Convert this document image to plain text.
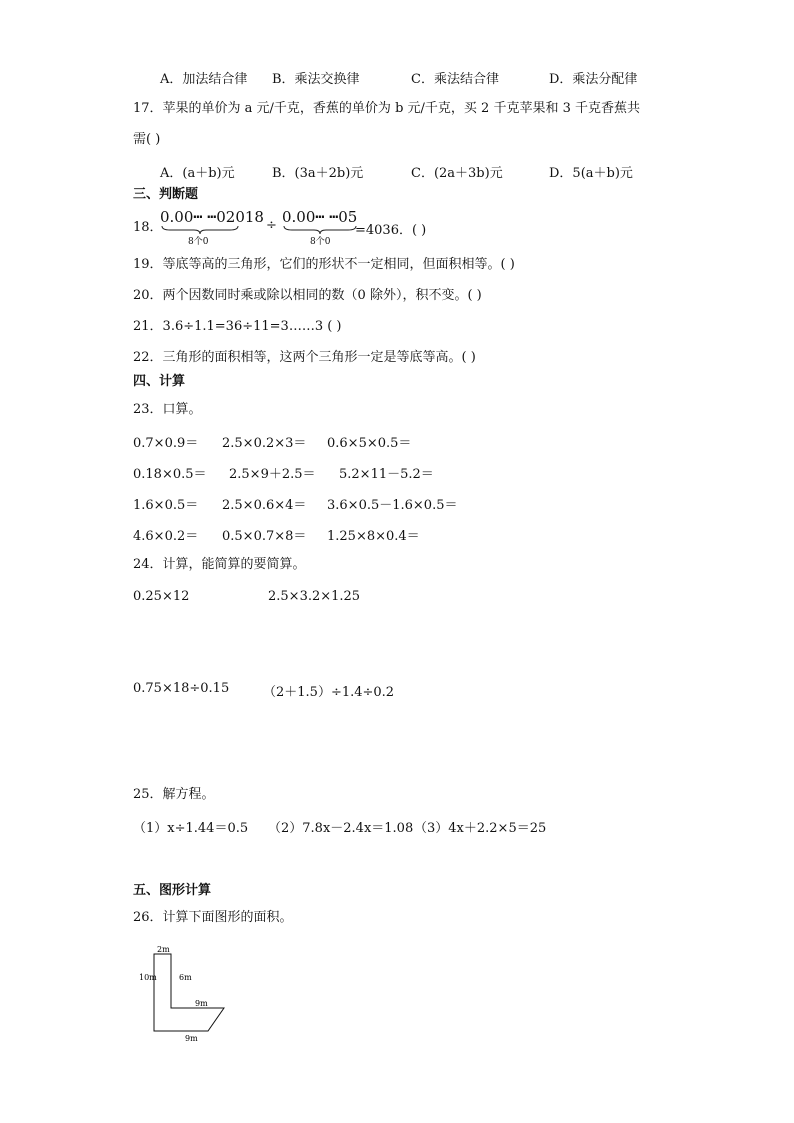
A．加法结合律 B．乘法交换律	C．乘法结合律	D．乘法分配律
17．苹果的单价为 a 元/千克，香蕉的单价为 b 元/千克，买 2 千克苹果和 3 千克香蕉共
需( )
A．(a＋b)元	B．(3a＋2b)元	C．(2a＋3b)元	D．5(a＋b)元
三、判断题
18．
0.00┅ ┅02018
8个0
÷ 0.00┅ ┅05
8个0
=4036．( )
19．等底等高的三角形，它们的形状不一定相同，但面积相等。( )
20．两个因数同时乘或除以相同的数（0 除外），积不变。( )
21．3.6÷1.1=36÷11=3……3 ( )
22．三角形的面积相等，这两个三角形一定是等底等高。( )
四、计算
23．口算。
0.7×0.9＝ 2.5×0.2×3＝ 0.6×5×0.5＝
0.18×0.5＝ 2.5×9＋2.5＝ 5.2×11－5.2＝
1.6×0.5＝ 2.5×0.6×4＝ 3.6×0.5－1.6×0.5＝
4.6×0.2＝ 0.5×0.7×8＝ 1.25×8×0.4＝
24．计算，能简算的要简算。
0.25×12	2.5×3.2×1.25
0.75×18÷0.15	（2＋1.5）÷1.4÷0.2
25．解方程。
（1）x÷1.44＝0.5 （2）7.8x－2.4x＝1.08 （3）4x＋2.2×5＝25
五、图形计算
26．计算下面图形的面积。
2m
10m	6m
9m
9m
